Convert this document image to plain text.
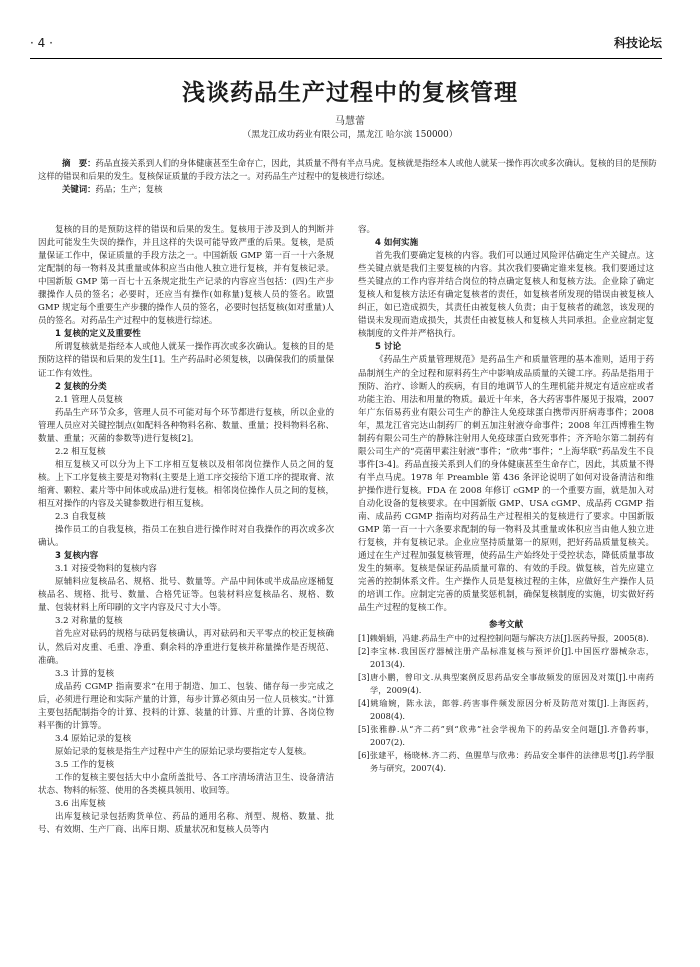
· 4 ·	科技论坛
浅谈药品生产过程中的复核管理
马慧蕾
（黑龙江成功药业有限公司，黑龙江 哈尔滨 150000）

摘　要：药品直接关系到人们的身体健康甚至生命存亡，因此，其质量不得有半点马虎。复核就是指经本人或他人就某一操作再次或多次确认。复核的目的是预防这样的错误和后果的发生。复核保证质量的手段方法之一。对药品生产过程中的复核进行综述。

关键词：药品；生产；复核

复核的目的是预防这样的错误和后果的发生。复核用于涉及到人的判断并因此可能发生失误的操作，并且这样的失误可能导致严重的后果。复核，是质量保证工作中，保证质量的手段方法之一。中国新版 GMP 第一百一十六条规定配制的每一物料及其重量或体积应当由他人独立进行复核，并有复核记录。中国新版 GMP 第一百七十五条规定批生产记录的内容应当包括：(四)生产步骤操作人员的签名；必要时，还应当有操作(如称量)复核人员的签名。欧盟 GMP 规定每个重要生产步骤的操作人员的签名，必要时包括复核(如对重量)人员的签名。对药品生产过程中的复核进行综述。

1 复核的定义及重要性

所谓复核就是指经本人或他人就某一操作再次或多次确认。复核的目的是预防这样的错误和后果的发生[1]。生产药品时必须复核，以确保我们的质量保证工作有效性。

2 复核的分类

2.1 管理人员复核

药品生产环节众多，管理人员不可能对每个环节都进行复核，所以企业的管理人员应对关键控制点(如配料各种物料名称、数量、重量；投料物料名称、数量、重量；灭菌的参数等)进行复核[2]。

2.2 相互复核

相互复核又可以分为上下工序相互复核以及相邻岗位操作人员之间的复核。上下工序复核主要是对物料(主要是上道工序交接给下道工序的提取膏、浓缩膏、颗粒、素片等中间体或成品)进行复核。相邻岗位操作人员之间的复核，相互对操作的内容及关键参数进行相互复核。

2.3 自我复核

操作员工的自我复核，指员工在独自进行操作时对自我操作的再次或多次确认。

3 复核内容

3.1 对接受物料的复核内容

原辅料应复核品名、规格、批号、数量等。产品中间体或半成品应逐桶复核品名、规格、批号、数量、合格凭证等。包装材料应复核品名、规格、数量、包装材料上所印刷的文字内容及尺寸大小等。

3.2 对称量的复核

首先应对砝码的规格与砝码复核确认，再对砝码和天平零点的校正复核确认，然后对皮重、毛重、净重、剩余料的净重进行复核并称量操作是否规范、准确。

3.3 计算的复核

成品药 CGMP 指南要求“在用于制造、加工、包装、储存每一步完成之后，必须进行理论和实际产量的计算，每步计算必须由另一位人员核实。”计算主要包括配制指令的计算、投料的计算、装量的计算、片重的计算、各岗位物料平衡的计算等。

3.4 原始记录的复核

原始记录的复核是指生产过程中产生的原始记录均要指定专人复核。

3.5 工作的复核

工作的复核主要包括大中小盒所盖批号、各工序清场清洁卫生、设备清洁状态、物料的标签、使用的各类模具领用、收回等。

3.6 出库复核

出库复核记录包括购货单位、药品的通用名称、剂型、规格、数量、批号、有效期、生产厂商、出库日期、质量状况和复核人员等内

容。

4 如何实施

首先我们要确定复核的内容。我们可以通过风险评估确定生产关键点。这些关键点就是我们主要复核的内容。其次我们要确定谁来复核。我们要通过这些关键点的工作内容并结合岗位的特点确定复核人和复核方法。企业除了确定复核人和复核方法还有确定复核者的责任，如复核者所发现的错误由被复核人纠正，如已造成损失，其责任由被复核人负责；由于复核者的疏忽，该发现的错误未发现而造成损失，其责任由被复核人和复核人共同承担。企业应制定复核制度的文件并严格执行。

5 讨论

《药品生产质量管理规范》是药品生产和质量管理的基本准则，适用于药品制剂生产的全过程和原料药生产中影响成品质量的关键工序。药品是指用于预防、治疗、诊断人的疾病，有目的地调节人的生理机能并规定有适应症或者功能主治、用法和用量的物质。最近十年来，各大药害事件屡见于报端，2007 年广东佰易药业有限公司生产的静注人免疫球蛋白携带丙肝病毒事件；2008 年，黑龙江省完达山制药厂的刺五加注射液夺命事件；2008 年江西博雅生物制药有限公司生产的静脉注射用人免疫球蛋白致死事件；齐齐哈尔第二制药有限公司生产的“亮菌甲素注射液”事件；“欣弗”事件；“上海华联”药品发生不良事件[3-4]。药品直接关系到人们的身体健康甚至生命存亡，因此，其质量不得有半点马虎。1978 年 Preamble 第 436 条评论说明了如何对设备清洁和维护操作进行复核。FDA 在 2008 年修订 cGMP 的一个重要方面，就是加入对自动化设备的复核要求。在中国新版 GMP、USA cGMP、成品药 CGMP 指南、成品药 CGMP 指南均对药品生产过程相关的复核进行了要求。中国新版 GMP 第一百一十六条要求配制的每一物料及其重量或体积应当由他人独立进行复核，并有复核记录。企业应坚持质量第一的原则，把好药品质量复核关。通过在生产过程加强复核管理，使药品生产始终处于受控状态，降低质量事故发生的频率。复核是保证药品质量可靠的、有效的手段。做复核，首先应建立完善的控制体系文件。生产操作人员是复核过程的主体，应做好生产操作人员的培训工作。应制定完善的质量奖惩机制，确保复核制度的实施，切实做好药品生产过程的复核工作。

参考文献

[1]赖娟娟，冯建.药品生产中的过程控制问题与解决方法[J].医药导报，2005(8).

[2]李宝林.我国医疗器械注册产品标准复核与预评价[J].中国医疗器械杂志，2013(4).

[3]唐小鹏，曾印文.从典型案例反思药品安全事故频发的原因及对策[J].中南药学，2009(4).

[4]姚瑜婉，陈永法，郎蓉.药害事件频发原因分析及防范对策[J].上海医药，2008(4).

[5]张雅静.从“齐二药”到“欣弗”社会学视角下的药品安全问题[J].齐鲁药事，2007(2).

[6]张建平，杨晓林.齐二药、鱼腥草与欣弗：药品安全事件的法律思考[J].药学服务与研究，2007(4).
